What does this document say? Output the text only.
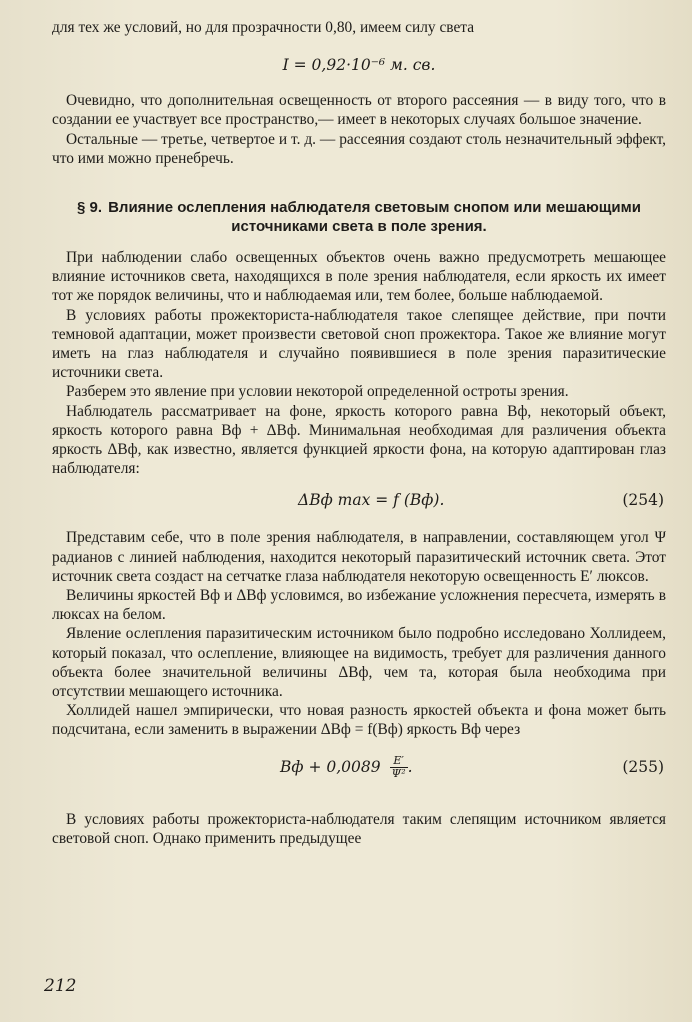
для тех же условий, но для прозрачности 0,80, имеем силу света

I = 0,92·10⁻⁶ м. св.

Очевидно, что дополнительная освещенность от второго рассеяния — в виду того, что в создании ее участвует все пространство,— имеет в некоторых случаях большое значение.

Остальные — третье, четвертое и т. д. — рассеяния создают столь незначительный эффект, что ими можно пренебречь.

§ 9. Влияние ослепления наблюдателя световым снопом или мешающими источниками света в поле зрения.

При наблюдении слабо освещенных объектов очень важно предусмотреть мешающее влияние источников света, находящихся в поле зрения наблюдателя, если яркость их имеет тот же порядок величины, что и наблюдаемая или, тем более, больше наблюдаемой.

В условиях работы прожекториста-наблюдателя такое слепящее действие, при почти темновой адаптации, может произвести световой сноп прожектора. Такое же влияние могут иметь на глаз наблюдателя и случайно появившиеся в поле зрения паразитические источники света.

Разберем это явление при условии некоторой определенной остроты зрения.

Наблюдатель рассматривает на фоне, яркость которого равна Bф, некоторый объект, яркость которого равна Bф + ΔBф. Минимальная необходимая для различения объекта яркость ΔBф, как известно, является функцией яркости фона, на которую адаптирован глаз наблюдателя:

ΔBф max = f (Bф).	(254)

Представим себе, что в поле зрения наблюдателя, в направлении, составляющем угол Ψ радианов с линией наблюдения, находится некоторый паразитический источник света. Этот источник света создаст на сетчатке глаза наблюдателя некоторую освещенность E′ люксов.

Величины яркостей Bф и ΔBф условимся, во избежание усложнения пересчета, измерять в люксах на белом.

Явление ослепления паразитическим источником было подробно исследовано Холлидеем, который показал, что ослепление, влияющее на видимость, требует для различения данного объекта более значительной величины ΔBф, чем та, которая была необходима при отсутствии мешающего источника.

Холлидей нашел эмпирически, что новая разность яркостей объекта и фона может быть подсчитана, если заменить в выражении ΔBф = f(Bф) яркость Bф через

Bф + $0,0089 \frac{E'}{\text{Ψ²}}$ .	(255)

В условиях работы прожекториста-наблюдателя таким слепящим источником является световой сноп. Однако применить предыдущее

212
